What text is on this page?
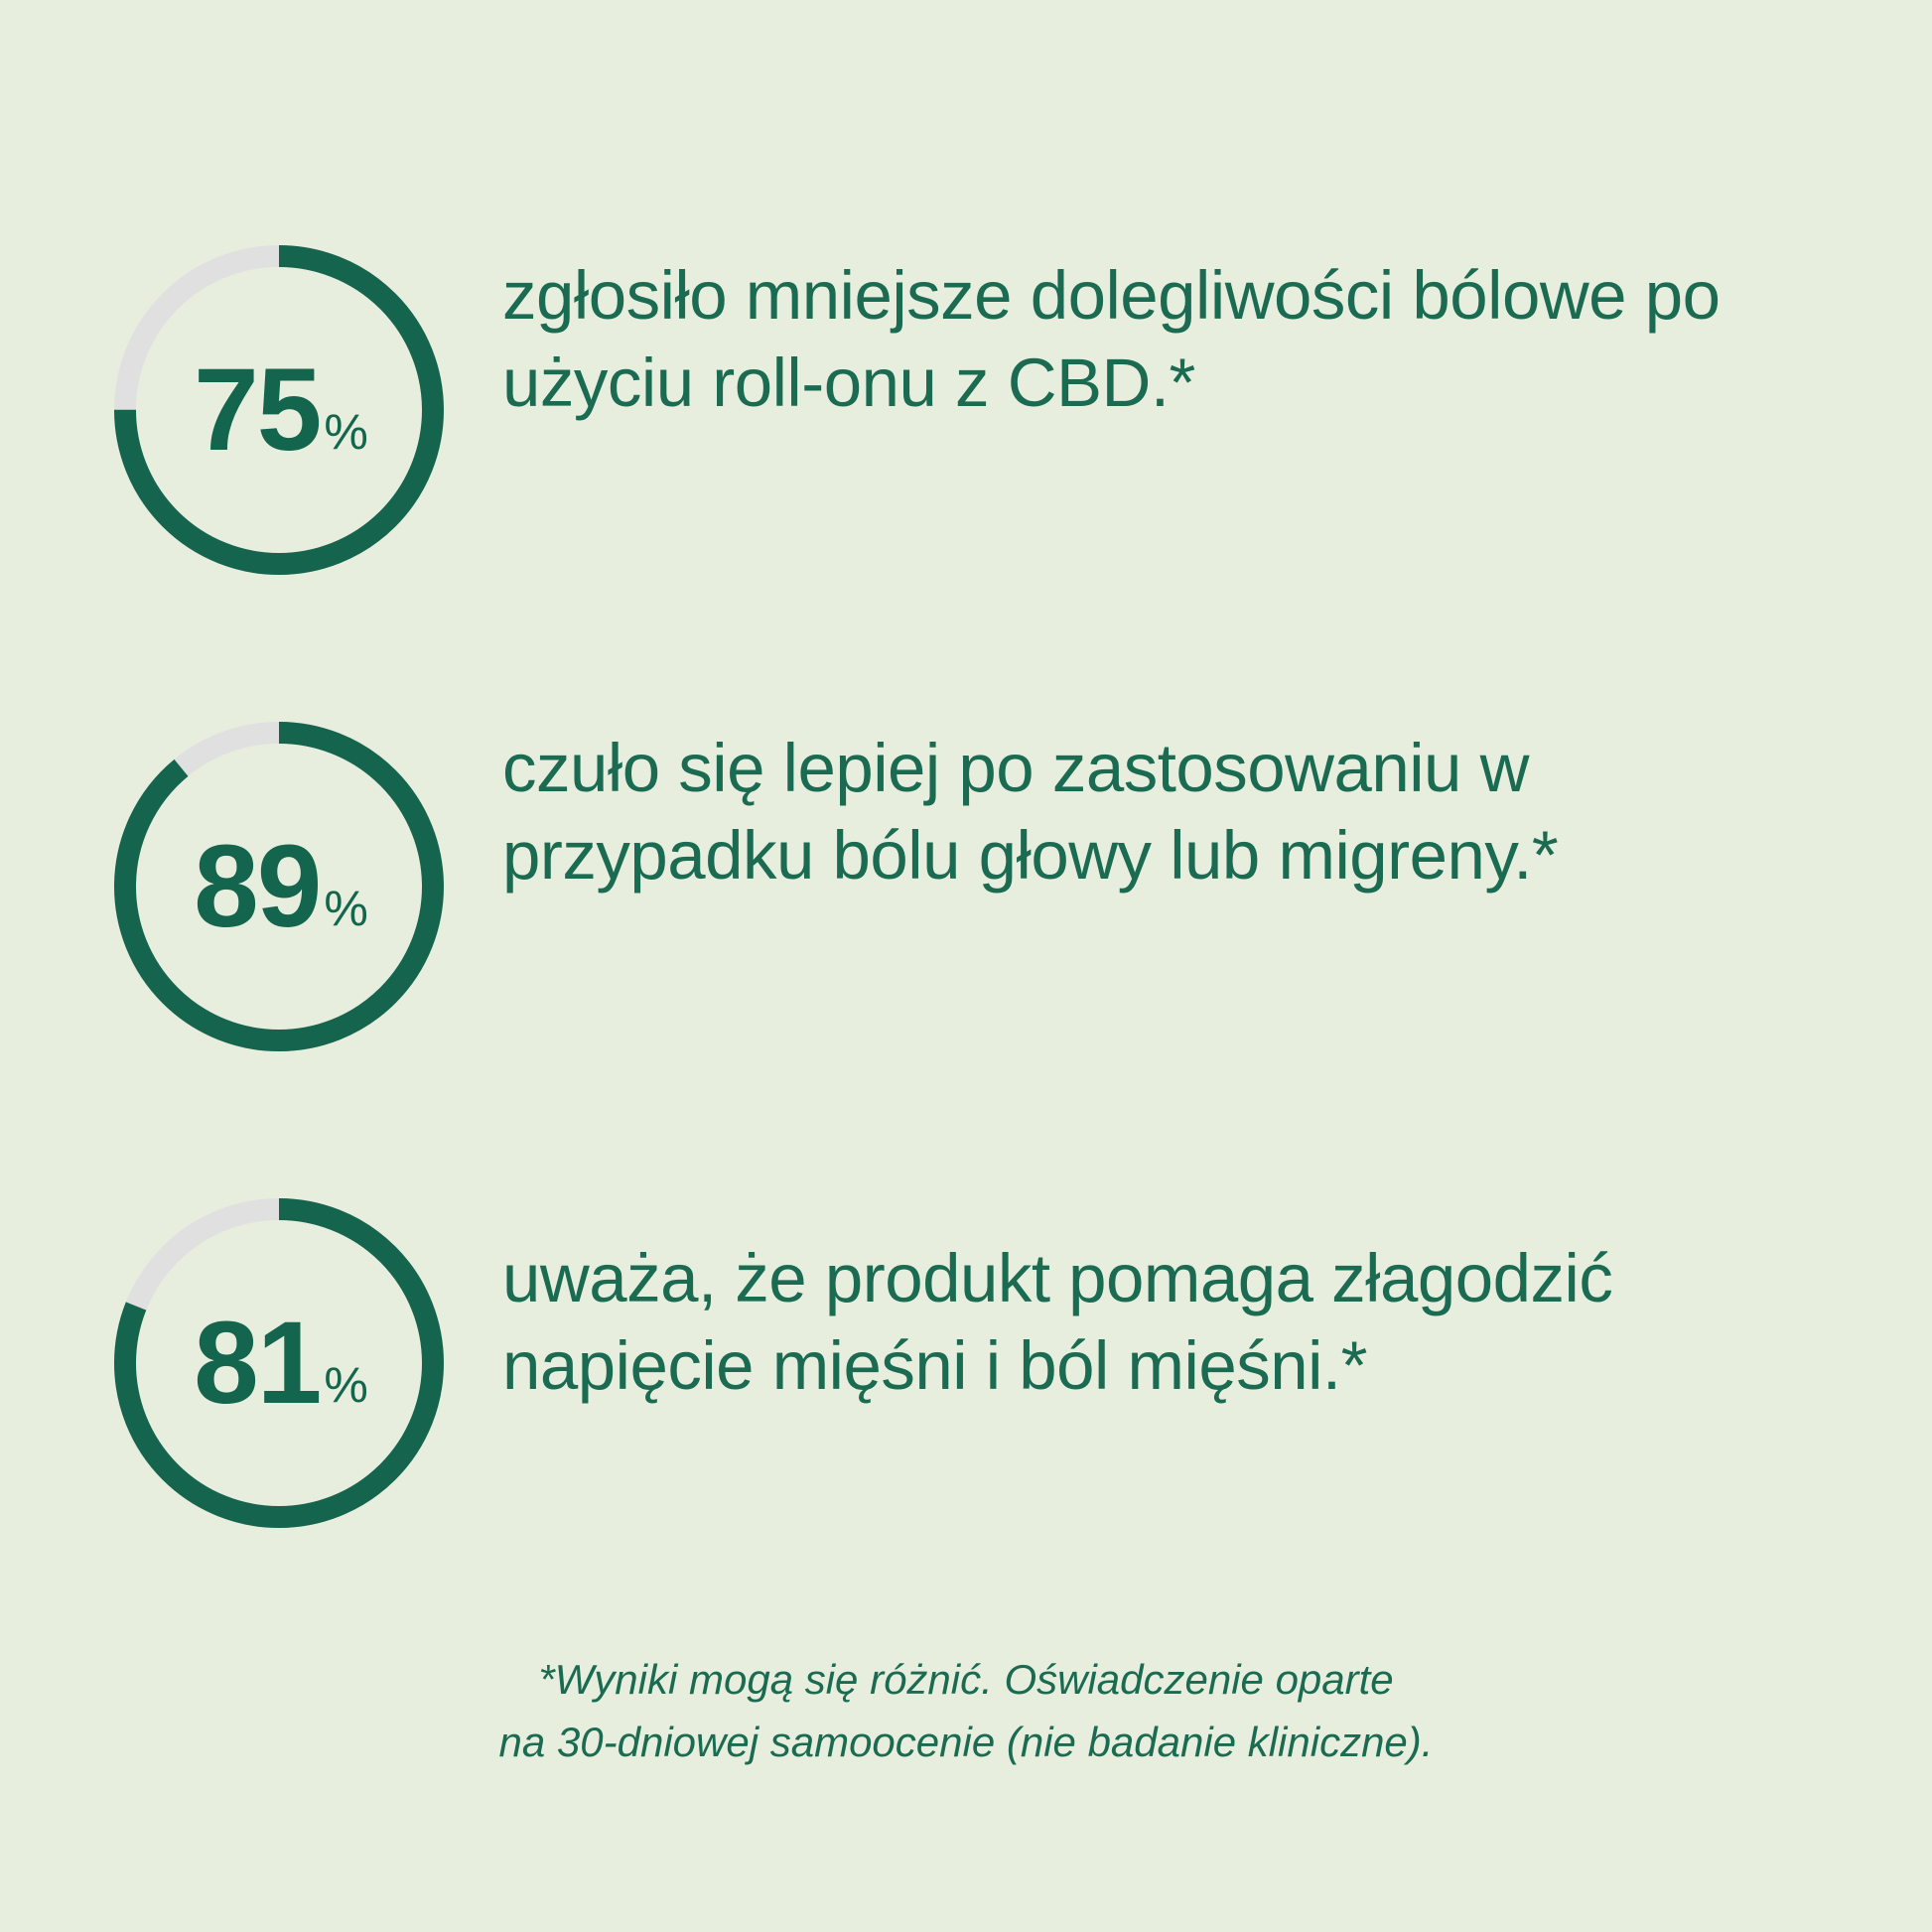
75 %
zgłosiło mniejsze dolegliwości bólowe po użyciu roll-onu z CBD.*
89 %
czuło się lepiej po zastosowaniu w przypadku bólu głowy lub migreny.*
81 %
uważa, że produkt pomaga złagodzić napięcie mięśni i ból mięśni.*
*Wyniki mogą się różnić. Oświadczenie oparte
na 30-dniowej samoocenie (nie badanie kliniczne).
